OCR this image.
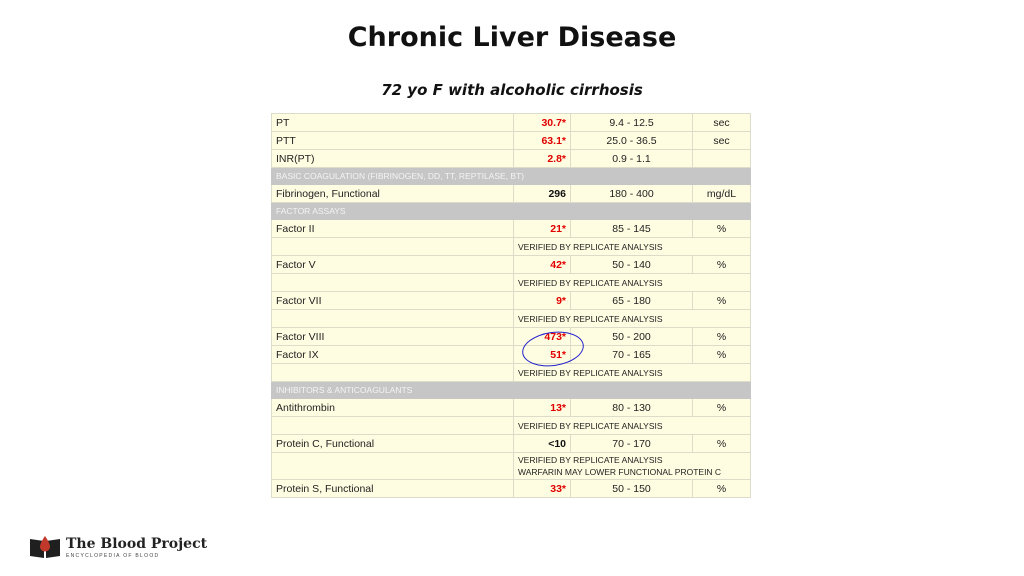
Chronic Liver Disease
72 yo F with alcoholic cirrhosis
PT	30.7*	9.4 - 12.5	sec
PTT	63.1*	25.0 - 36.5	sec
INR(PT)	2.8*	0.9 - 1.1	
BASIC COAGULATION (FIBRINOGEN, DD, TT, REPTILASE, BT)			
Fibrinogen, Functional	296	180 - 400	mg/dL
FACTOR ASSAYS			
Factor II	21*	85 - 145	%

	VERIFIED BY REPLICATE ANALYSIS		

Factor V	42*	50 - 140	%

	VERIFIED BY REPLICATE ANALYSIS		

Factor VII	9*	65 - 180	%

	VERIFIED BY REPLICATE ANALYSIS		

Factor VIII	473*	50 - 200	%
Factor IX	51*	70 - 165	%

	VERIFIED BY REPLICATE ANALYSIS		

INHIBITORS & ANTICOAGULANTS			
Antithrombin	13*	80 - 130	%

	VERIFIED BY REPLICATE ANALYSIS		

Protein C, Functional	<10	70 - 170	%

	VERIFIED BY REPLICATE ANALYSIS
WARFARIN MAY LOWER FUNCTIONAL PROTEIN C		

Protein S, Functional	33*	50 - 150	%
The Blood Project
ENCYCLOPEDIA OF BLOOD
